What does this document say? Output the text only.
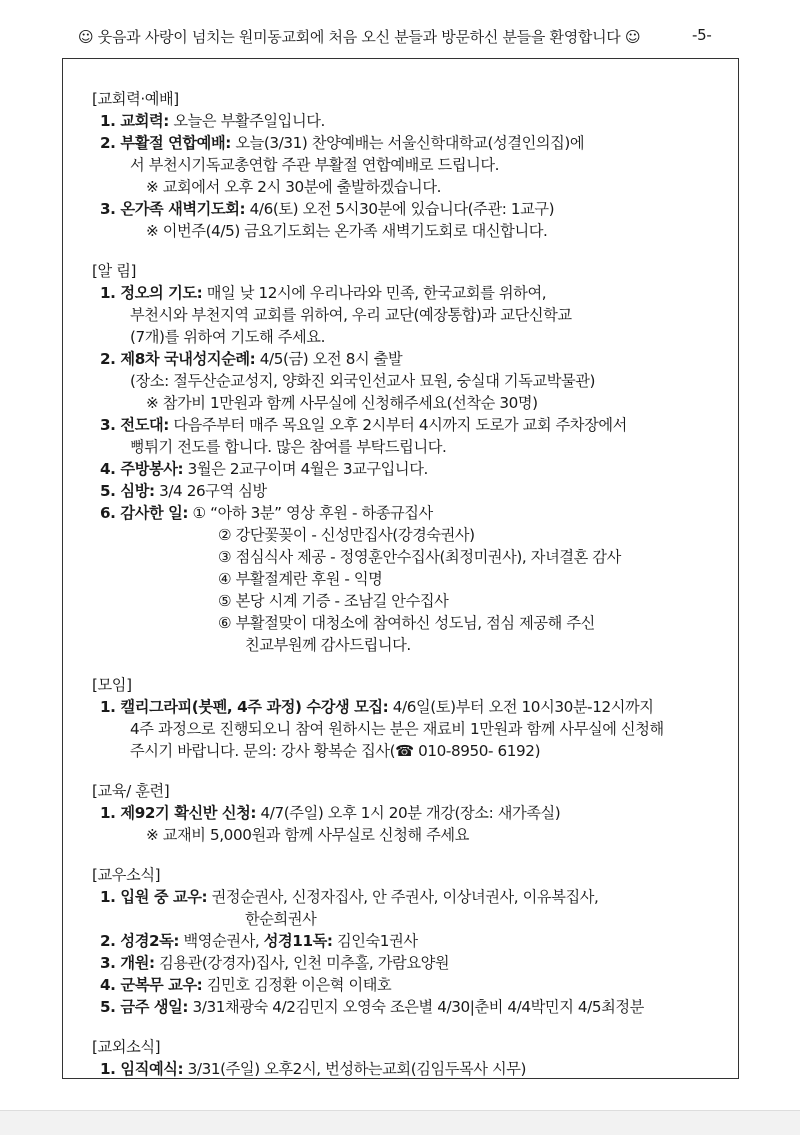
☺ 웃음과 사랑이 넘치는 원미동교회에 처음 오신 분들과 방문하신 분들을 환영합니다 ☺	-5-
[교회력·예배]
1. 교회력: 오늘은 부활주일입니다.
2. 부활절 연합예배: 오늘(3/31) 찬양예배는 서울신학대학교(성결인의집)에
서 부천시기독교총연합 주관 부활절 연합예배로 드립니다.
※ 교회에서 오후 2시 30분에 출발하겠습니다.
3. 온가족 새벽기도회: 4/6(토) 오전 5시30분에 있습니다(주관: 1교구)
※ 이번주(4/5) 금요기도회는 온가족 새벽기도회로 대신합니다.
[알 림]
1. 정오의 기도: 매일 낮 12시에 우리나라와 민족, 한국교회를 위하여,
부천시와 부천지역 교회를 위하여, 우리 교단(예장통합)과 교단신학교
(7개)를 위하여 기도해 주세요.
2. 제8차 국내성지순례: 4/5(금) 오전 8시 출발
(장소: 절두산순교성지, 양화진 외국인선교사 묘원, 숭실대 기독교박물관)
※ 참가비 1만원과 함께 사무실에 신청해주세요(선착순 30명)
3. 전도대: 다음주부터 매주 목요일 오후 2시부터 4시까지 도로가 교회 주차장에서
뻥튀기 전도를 합니다. 많은 참여를 부탁드립니다.
4. 주방봉사: 3월은 2교구이며 4월은 3교구입니다.
5. 심방: 3/4 26구역 심방
6. 감사한 일: ① “아하 3분” 영상 후원 - 하종규집사
② 강단꽃꽂이 - 신성만집사(강경숙권사)
③ 점심식사 제공 - 정영훈안수집사(최정미권사), 자녀결혼 감사
④ 부활절계란 후원 - 익명
⑤ 본당 시계 기증 - 조남길 안수집사
⑥ 부활절맞이 대청소에 참여하신 성도님, 점심 제공해 주신
친교부원께 감사드립니다.
[모임]
1. 캘리그라피(붓펜, 4주 과정) 수강생 모집: 4/6일(토)부터 오전 10시30분-12시까지
4주 과정으로 진행되오니 참여 원하시는 분은 재료비 1만원과 함께 사무실에 신청해
주시기 바랍니다. 문의: 강사 황복순 집사(☎ 010-8950- 6192)
[교육/ 훈련]
1. 제92기 확신반 신청: 4/7(주일) 오후 1시 20분 개강(장소: 새가족실)
※ 교재비 5,000원과 함께 사무실로 신청해 주세요
[교우소식]
1. 입원 중 교우: 권정순권사, 신정자집사, 안 주권사, 이상녀권사, 이유복집사,
한순희권사
2. 성경2독: 백영순권사, 성경11독: 김인숙1권사
3. 개원: 김용관(강경자)집사, 인천 미추홀, 가람요양원
4. 군복무 교우: 김민호 김정환 이은혁 이태호
5. 금주 생일: 3/31채광숙 4/2김민지 오영숙 조은별 4/30|춘비 4/4박민지 4/5최정분
[교외소식]
1. 임직예식: 3/31(주일) 오후2시, 번성하는교회(김임두목사 시무)
